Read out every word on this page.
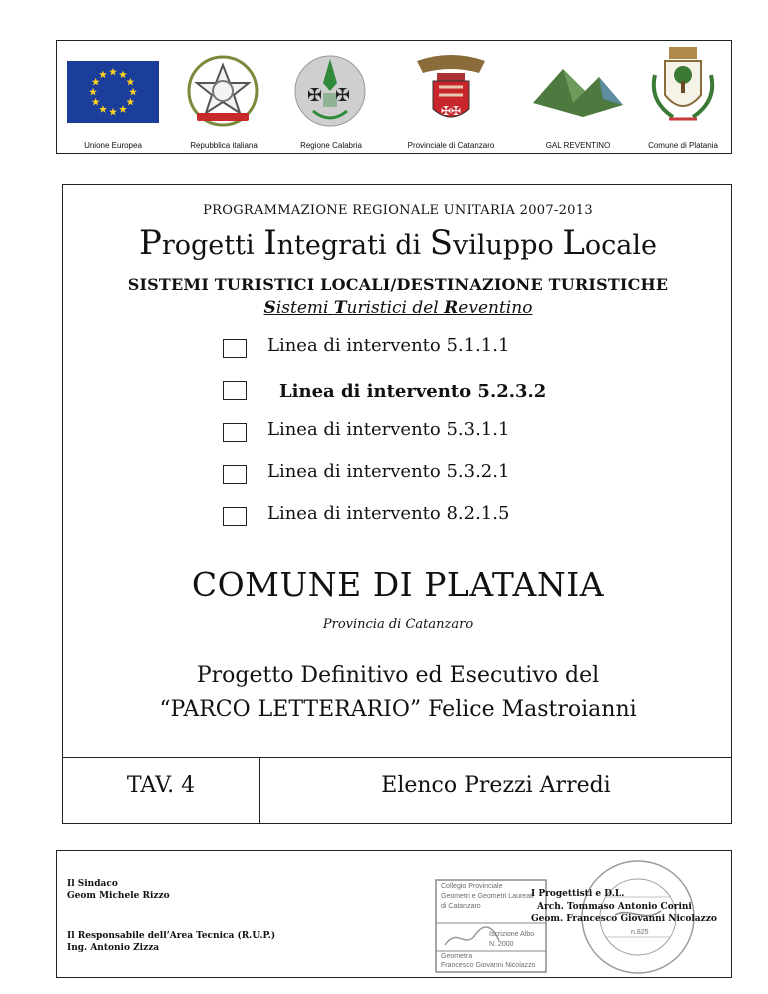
Unione Europea	Repubblica italiana
✠ ✠
Regione Calabria
✠✠
Provinciale di Catanzaro	GAL REVENTINO	Comune di Platania
PROGRAMMAZIONE REGIONALE UNITARIA 2007-2013
Progetti Integrati di Sviluppo Locale
SISTEMI TURISTICI LOCALI/DESTINAZIONE TURISTICHE
Sistemi Turistici del Reventino
Linea di intervento 5.1.1.1
Linea di intervento 5.2.3.2
Linea di intervento 5.3.1.1
Linea di intervento 5.3.2.1
Linea di intervento 8.2.1.5
COMUNE DI PLATANIA
Provincia di Catanzaro
Progetto Definitivo ed Esecutivo del
“PARCO LETTERARIO” Felice Mastroianni
TAV. 4	Elenco Prezzi Arredi
Il Sindaco
Geom Michele Rizzo
Il Responsabile dell’Area Tecnica (R.U.P.)
Ing. Antonio Zizza
Collegio Provinciale
Geometri e Geometri Laureati
di Catanzaro
Iscrizione Albo
N. 2000
Geometra
Francesco Giovanni Nicolazzo
n.825
I Progettisti e D.L.
Arch. Tommaso Antonio Corini
Geom. Francesco Giovanni Nicolazzo
